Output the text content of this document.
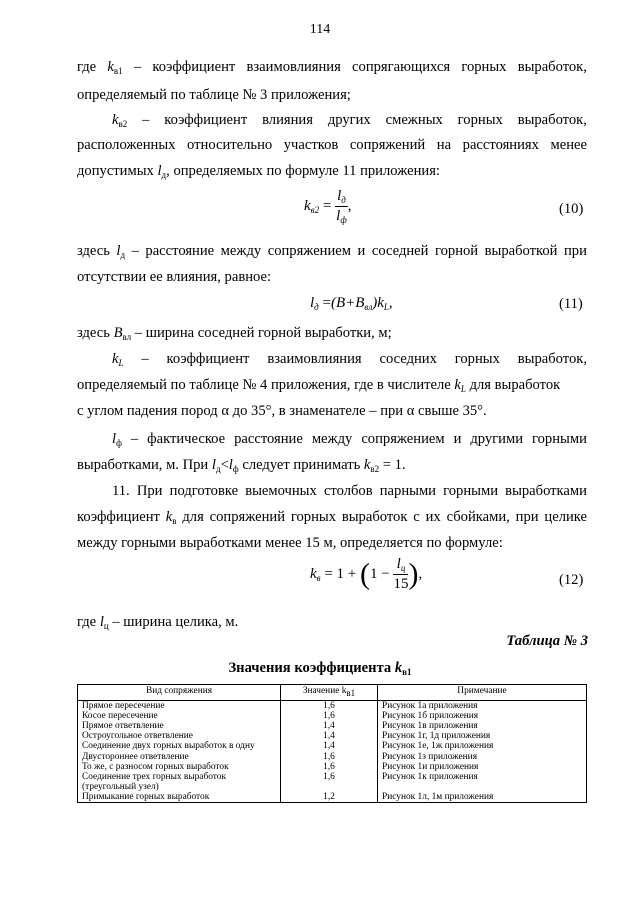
114
где $k_{в1}$ – коэффициент взаимовлияния сопрягающихся горных выработок,
определяемый по таблице № 3 приложения;
$k_{в2}$ – коэффициент влияния других смежных горных выработок,
расположенных относительно участков сопряжений на расстояниях менее
допустимых $l_д$, определяемых по формуле 11 приложения:
$k_{в2} = \frac{l_д}{l_ф}$ ,	(10)
здесь $l_д$ – расстояние между сопряжением и соседней горной выработкой при
отсутствии ее влияния, равное:
$l_д =(B+B_{вл})k_L$,	(11)
здесь $B_{вл}$ – ширина соседней горной выработки, м;
$k_L$ – коэффициент взаимовлияния соседних горных выработок,
определяемый по таблице № 4 приложения, где в числителе $k_L$ для выработок
с углом падения пород α до 35°, в знаменателе – при α свыше 35°.
$l_ф$ – фактическое расстояние между сопряжением и другими горными
выработками, м. При $l_д<l_ф$ следует принимать $k_{в2} = 1$.
11. При подготовке выемочных столбов парными горными выработками
коэффициент $k_в$ для сопряжений горных выработок с их сбойками, при целике
между горными выработками менее 15 м, определяется по формуле:
$k_в = 1 + (1 - \frac{l_ц}{15}$ ),	(12)
где $l_ц$ – ширина целика, м.
Таблица № 3
Значения коэффициента $k_{в1}$
Вид сопряжения	Значение kв1	Примечание
Прямое пересечение	1,6	Рисунок 1а приложения
Косое пересечение	1,6	Рисунок 1б приложения
Прямое ответвление	1,4	Рисунок 1в приложения
Остроугольное ответвление	1,4	Рисунок 1г, 1д приложения
Соединение двух горных выработок в одну	1,4	Рисунок 1е, 1ж приложения
Двустороннее ответвление	1,6	Рисунок 1з приложения
То же, с разносом горных выработок	1,6	Рисунок 1и приложения
Соединение трех горных выработок (треугольный узел)	1,6	Рисунок 1к приложения
Примыкание горных выработок	1,2	Рисунок 1л, 1м приложения
